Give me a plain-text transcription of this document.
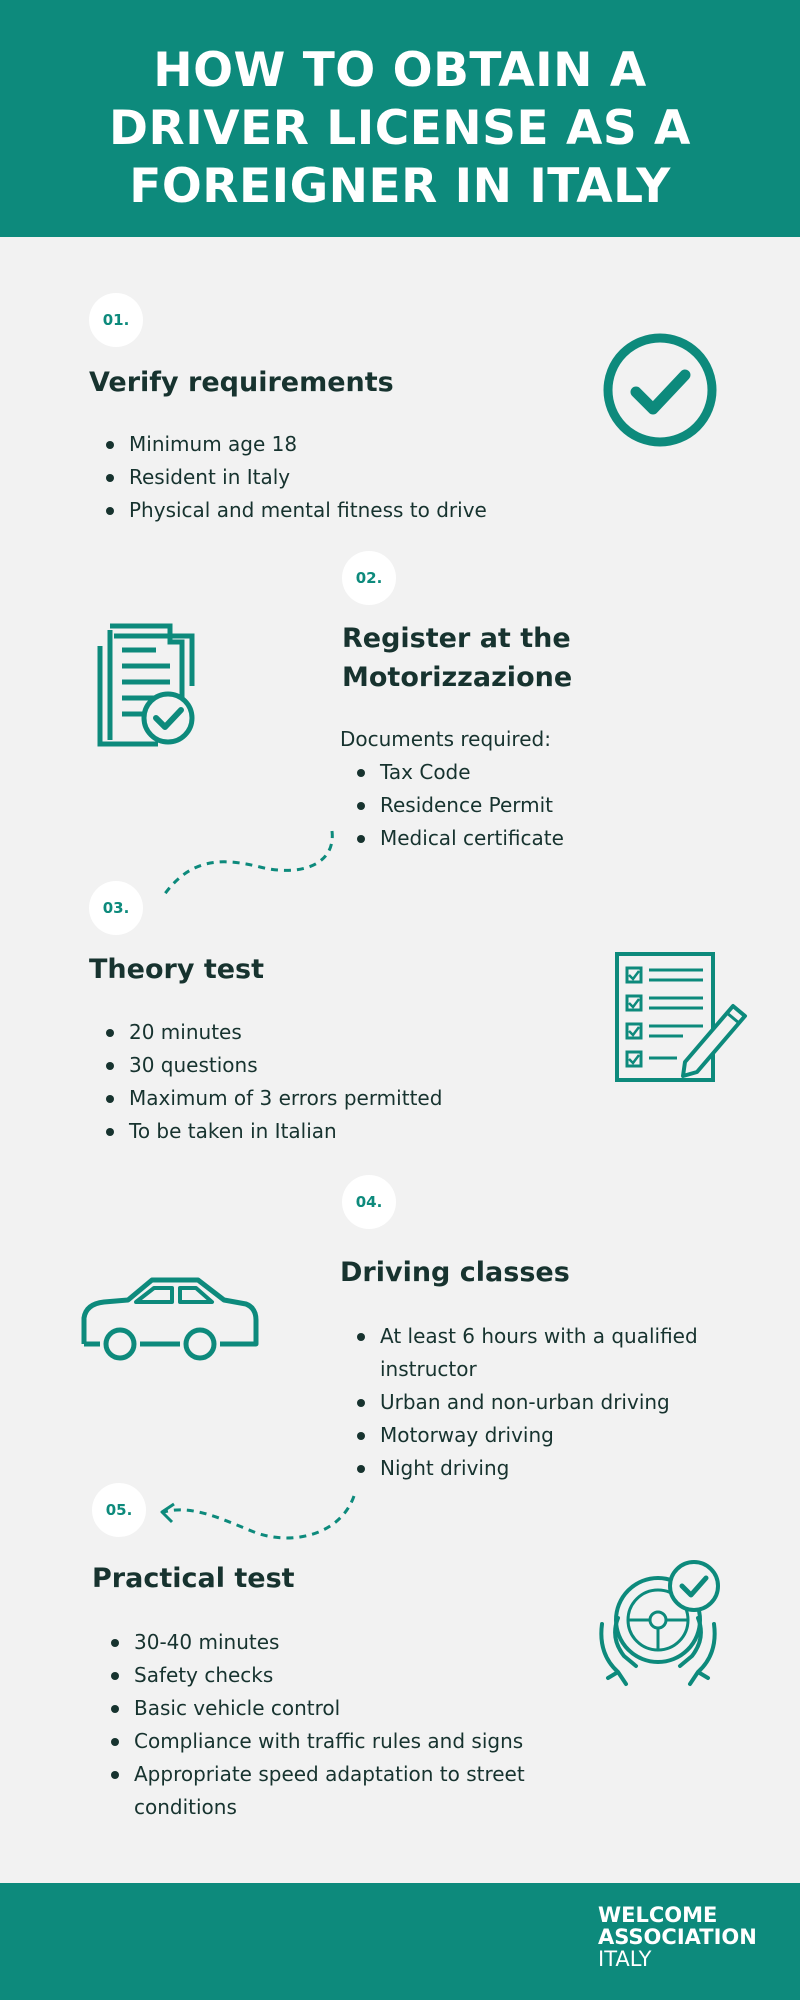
HOW TO OBTAIN A
DRIVER LICENSE AS A
FOREIGNER IN ITALY
01.
Verify requirements
Minimum age 18
Resident in Italy
Physical and mental fitness to drive
02.
Register at the
Motorizzazione
Documents required:
Tax Code
Residence Permit
Medical certificate
03.
Theory test
20 minutes
30 questions
Maximum of 3 errors permitted
To be taken in Italian
04.
Driving classes
At least 6 hours with a qualified instructor
Urban and non-urban driving
Motorway driving
Night driving
05.
Practical test
30-40 minutes
Safety checks
Basic vehicle control
Compliance with traffic rules and signs
Appropriate speed adaptation to street conditions
WELCOME
ASSOCIATION
ITALY
